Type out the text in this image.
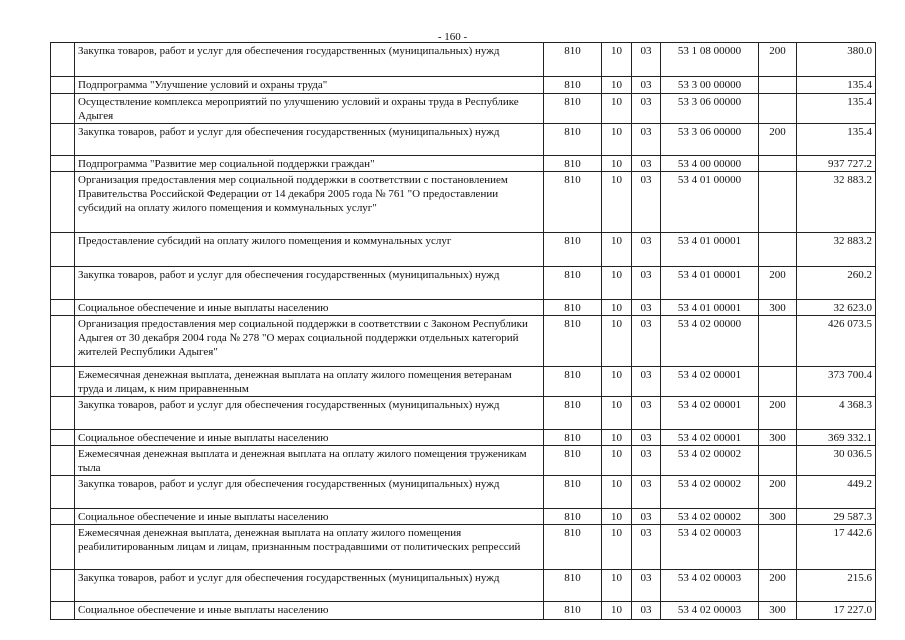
- 160 -
	Закупка товаров, работ и услуг для обеспечения государственных (муниципальных) нужд	810	10	03	53 1 08 00000	200	380.0
	Подпрограмма "Улучшение условий и охраны труда"	810	10	03	53 3 00 00000		135.4
	Осуществление комплекса мероприятий по улучшению условий и охраны труда в Республике Адыгея	810	10	03	53 3 06 00000		135.4
	Закупка товаров, работ и услуг для обеспечения государственных (муниципальных) нужд	810	10	03	53 3 06 00000	200	135.4
	Подпрограмма "Развитие мер социальной поддержки граждан"	810	10	03	53 4 00 00000		937 727.2
	Организация предоставления мер социальной поддержки в соответствии с постановлением Правительства Российской Федерации от 14 декабря 2005 года № 761 "О предоставлении субсидий на оплату жилого помещения и коммунальных услуг"	810	10	03	53 4 01 00000		32 883.2
	Предоставление субсидий на оплату жилого помещения и коммунальных услуг	810	10	03	53 4 01 00001		32 883.2
	Закупка товаров, работ и услуг для обеспечения государственных (муниципальных) нужд	810	10	03	53 4 01 00001	200	260.2
	Социальное обеспечение и иные выплаты населению	810	10	03	53 4 01 00001	300	32 623.0
	Организация предоставления мер социальной поддержки в соответствии с Законом Республики Адыгея от 30 декабря 2004 года № 278 "О мерах социальной поддержки отдельных категорий жителей Республики Адыгея"	810	10	03	53 4 02 00000		426 073.5
	Ежемесячная денежная выплата, денежная выплата на оплату жилого помещения ветеранам труда и лицам, к ним приравненным	810	10	03	53 4 02 00001		373 700.4
	Закупка товаров, работ и услуг для обеспечения государственных (муниципальных) нужд	810	10	03	53 4 02 00001	200	4 368.3
	Социальное обеспечение и иные выплаты населению	810	10	03	53 4 02 00001	300	369 332.1
	Ежемесячная денежная выплата и денежная выплата на оплату жилого помещения труженикам тыла	810	10	03	53 4 02 00002		30 036.5
	Закупка товаров, работ и услуг для обеспечения государственных (муниципальных) нужд	810	10	03	53 4 02 00002	200	449.2
	Социальное обеспечение и иные выплаты населению	810	10	03	53 4 02 00002	300	29 587.3
	Ежемесячная денежная выплата, денежная выплата на оплату жилого помещения реабилитированным лицам и лицам, признанным пострадавшими от политических репрессий	810	10	03	53 4 02 00003		17 442.6
	Закупка товаров, работ и услуг для обеспечения государственных (муниципальных) нужд	810	10	03	53 4 02 00003	200	215.6
	Социальное обеспечение и иные выплаты населению	810	10	03	53 4 02 00003	300	17 227.0
